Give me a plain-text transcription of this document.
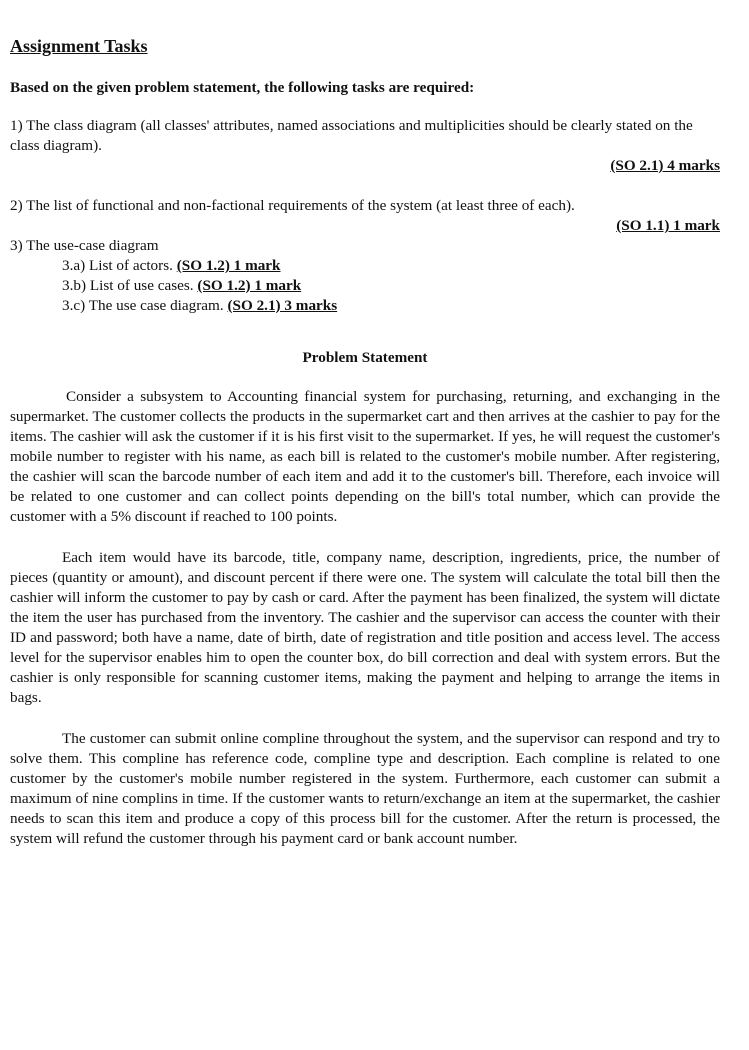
Assignment Tasks
Based on the given problem statement, the following tasks are required:

1) The class diagram (all classes' attributes, named associations and multiplicities should be clearly stated on the class diagram).

(SO 2.1) 4 marks

2) The list of functional and non-factional requirements of the system (at least three of each).

(SO 1.1) 1 mark

3) The use-case diagram

3.a) List of actors. (SO 1.2) 1 mark

3.b) List of use cases. (SO 1.2) 1 mark

3.c) The use case diagram. (SO 2.1) 3 marks

Problem Statement

Consider a subsystem to Accounting financial system for purchasing, returning, and exchanging in the supermarket. The customer collects the products in the supermarket cart and then arrives at the cashier to pay for the items. The cashier will ask the customer if it is his first visit to the supermarket. If yes, he will request the customer's mobile number to register with his name, as each bill is related to the customer's mobile number. After registering, the cashier will scan the barcode number of each item and add it to the customer's bill. Therefore, each invoice will be related to one customer and can collect points depending on the bill's total number, which can provide the customer with a 5% discount if reached to 100 points.

Each item would have its barcode, title, company name, description, ingredients, price, the number of pieces (quantity or amount), and discount percent if there were one. The system will calculate the total bill then the cashier will inform the customer to pay by cash or card. After the payment has been finalized, the system will dictate the item the user has purchased from the inventory. The cashier and the supervisor can access the counter with their ID and password; both have a name, date of birth, date of registration and title position and access level. The access level for the supervisor enables him to open the counter box, do bill correction and deal with system errors. But the cashier is only responsible for scanning customer items, making the payment and helping to arrange the items in bags.

The customer can submit online compline throughout the system, and the supervisor can respond and try to solve them. This compline has reference code, compline type and description. Each compline is related to one customer by the customer's mobile number registered in the system. Furthermore, each customer can submit a maximum of nine complins in time. If the customer wants to return/exchange an item at the supermarket, the cashier needs to scan this item and produce a copy of this process bill for the customer. After the return is processed, the system will refund the customer through his payment card or bank account number.
